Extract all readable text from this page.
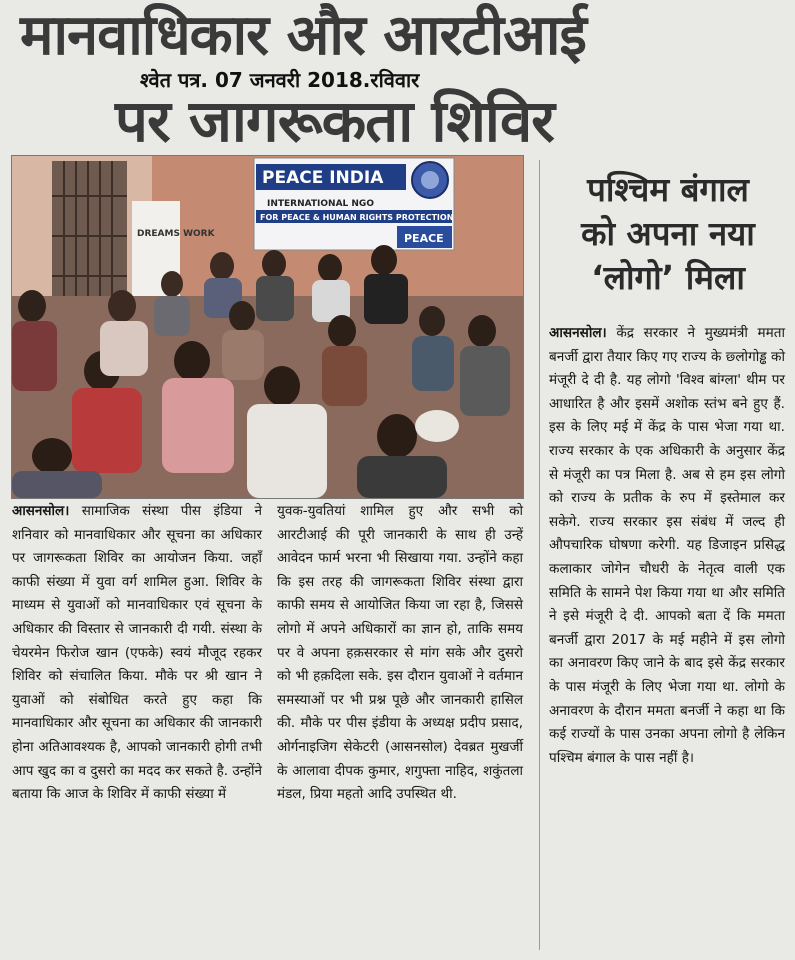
मानवाधिकार और आरटीआई
श्वेत पत्र. 07 जनवरी 2018.रविवार
पर जागरूकता शिविर
DREAMS WORK
PEACE INDIA
INTERNATIONAL NGO
FOR PEACE & HUMAN RIGHTS PROTECTION
PEACE
आसनसोल। सामाजिक संस्था पीस इंडिया ने शनिवार को मानवाधिकार और सूचना का अधिकार पर जागरूकता शिविर का आयोजन किया. जहाँ काफी संख्या में युवा वर्ग शामिल हुआ. शिविर के माध्यम से युवाओं को मानवाधिकार एवं सूचना के अधिकार की विस्तार से जानकारी दी गयी. संस्था के चेयरमेन फिरोज खान (एफके) स्वयं मौजूद रहकर शिविर को संचालित किया. मौके पर श्री खान ने युवाओं को संबोधित करते हुए कहा कि मानवाधिकार और सूचना का अधिकार की जानकारी होना अतिआवश्यक है, आपको जानकारी होगी तभी आप खुद का व दुसरो का मदद कर सकते है. उन्होंने बताया कि आज के शिविर में काफी संख्या में
युवक-युवतियां शामिल हुए और सभी को आरटीआई की पूरी जानकारी के साथ ही उन्हें आवेदन फार्म भरना भी सिखाया गया. उन्होंने कहा कि इस तरह की जागरूकता शिविर संस्था द्वारा काफी समय से आयोजित किया जा रहा है, जिससे लोगो में अपने अधिकारों का ज्ञान हो, ताकि समय पर वे अपना हक़सरकार से मांग सके और दुसरो को भी हक़दिला सके. इस दौरान युवाओं ने वर्तमान समस्याओं पर भी प्रश्न पूछे और जानकारी हासिल की. मौके पर पीस इंडीया के अध्यक्ष प्रदीप प्रसाद, ओर्गनाइजिग सेकेटरी (आसनसोल) देवब्रत मुखर्जी के आलावा दीपक कुमार, शगुफ्ता नाहिद, शकुंतला मंडल, प्रिया महतो आदि उपस्थित थी.
पश्चिम बंगाल
को अपना नया
‘लोगो’ मिला
आसनसोल। केंद्र सरकार ने मुख्यमंत्री ममता बनर्जी द्वारा तैयार किए गए राज्य के छ्लोगोड्ढ को मंजूरी दे दी है. यह लोगो 'विश्व बांग्ला' थीम पर आधारित है और इसमें अशोक स्तंभ बने हुए हैं. इस के लिए मई में केंद्र के पास भेजा गया था. राज्य सरकार के एक अधिकारी के अनुसार केंद्र से मंजूरी का पत्र मिला है. अब से हम इस लोगो को राज्य के प्रतीक के रुप में इस्तेमाल कर सकेगे. राज्य सरकार इस संबंध में जल्द ही औपचारिक घोषणा करेगी. यह डिजाइन प्रसिद्ध कलाकार जोगेन चौधरी के नेतृत्व वाली एक समिति के सामने पेश किया गया था और समिति ने इसे मंजूरी दे दी. आपको बता दें कि ममता बनर्जी द्वारा 2017 के मई महीने में इस लोगो का अनावरण किए जाने के बाद इसे केंद्र सरकार के पास मंजूरी के लिए भेजा गया था. लोगो के अनावरण के दौरान ममता बनर्जी ने कहा था कि कई राज्यों के पास उनका अपना लोगो है लेकिन पश्चिम बंगाल के पास नहीं है।
